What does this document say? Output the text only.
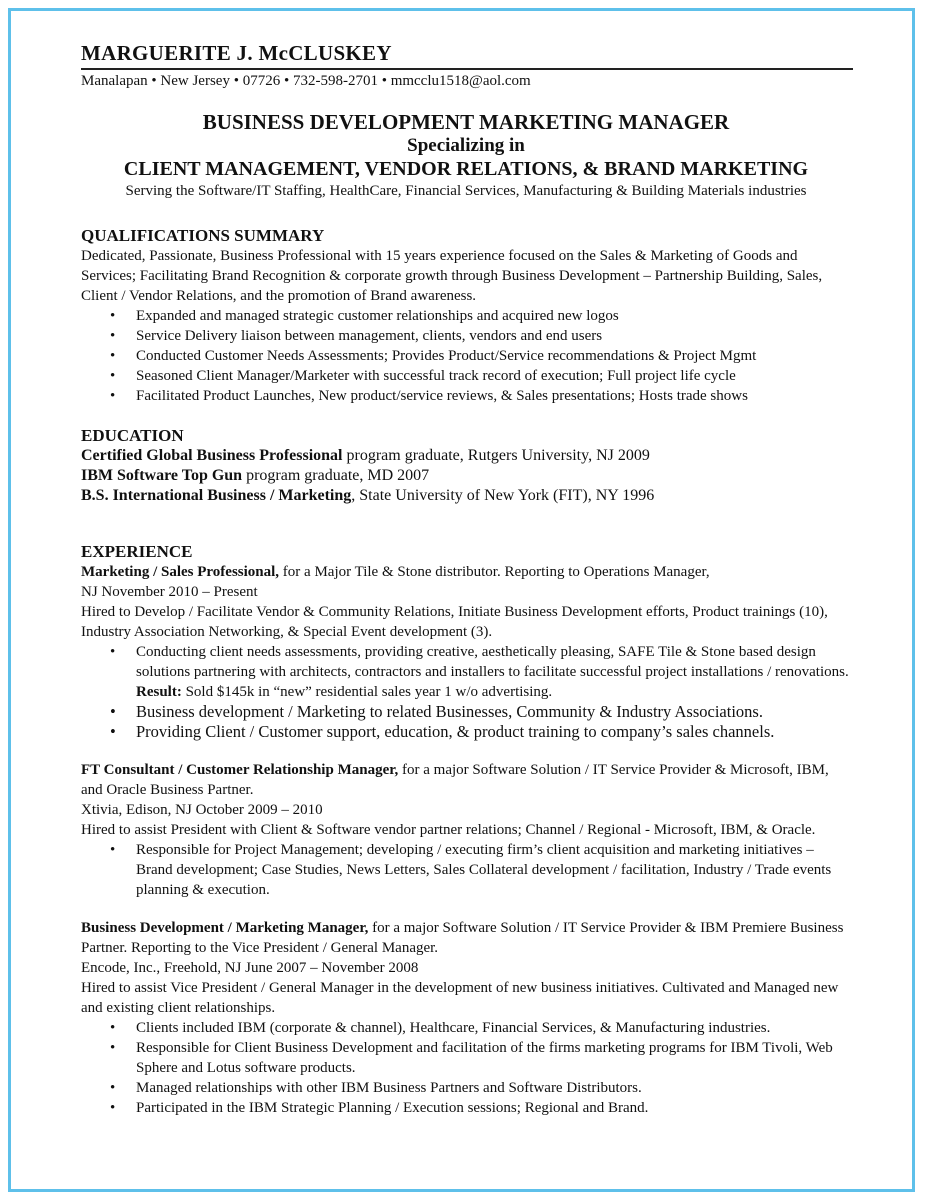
MARGUERITE J. McCLUSKEY
Manalapan • New Jersey • 07726 • 732-598-2701 • mmcclu1518@aol.com
BUSINESS DEVELOPMENT MARKETING MANAGER
Specializing in
CLIENT MANAGEMENT, VENDOR RELATIONS, & BRAND MARKETING
Serving the Software/IT Staffing, HealthCare, Financial Services, Manufacturing & Building Materials industries
QUALIFICATIONS SUMMARY
Dedicated, Passionate, Business Professional with 15 years experience focused on the Sales & Marketing of Goods and Services; Facilitating Brand Recognition & corporate growth through Business Development – Partnership Building, Sales, Client / Vendor Relations, and the promotion of Brand awareness.
• Expanded and managed strategic customer relationships and acquired new logos
• Service Delivery liaison between management, clients, vendors and end users
• Conducted Customer Needs Assessments; Provides Product/Service recommendations & Project Mgmt
• Seasoned Client Manager/Marketer with successful track record of execution; Full project life cycle
• Facilitated Product Launches, New product/service reviews, & Sales presentations; Hosts trade shows
EDUCATION
Certified Global Business Professional program graduate, Rutgers University, NJ 2009
IBM Software Top Gun program graduate, MD 2007
B.S. International Business / Marketing, State University of New York (FIT), NY 1996
EXPERIENCE
Marketing / Sales Professional, for a Major Tile & Stone distributor. Reporting to Operations Manager,
NJ November 2010 – Present
Hired to Develop / Facilitate Vendor & Community Relations, Initiate Business Development efforts, Product trainings (10), Industry Association Networking, & Special Event development (3).
• Conducting client needs assessments, providing creative, aesthetically pleasing, SAFE Tile & Stone based design solutions partnering with architects, contractors and installers to facilitate successful project installations / renovations. Result: Sold $145k in “new” residential sales year 1 w/o advertising.
• Business development / Marketing to related Businesses, Community & Industry Associations.
• Providing Client / Customer support, education, & product training to company’s sales channels.
FT Consultant / Customer Relationship Manager, for a major Software Solution / IT Service Provider & Microsoft, IBM, and Oracle Business Partner.
Xtivia, Edison, NJ October 2009 – 2010
Hired to assist President with Client & Software vendor partner relations; Channel / Regional - Microsoft, IBM, & Oracle.
• Responsible for Project Management; developing / executing firm’s client acquisition and marketing initiatives – Brand development; Case Studies, News Letters, Sales Collateral development / facilitation, Industry / Trade events planning & execution.
Business Development / Marketing Manager, for a major Software Solution / IT Service Provider & IBM Premiere Business Partner. Reporting to the Vice President / General Manager.
Encode, Inc., Freehold, NJ June 2007 – November 2008
Hired to assist Vice President / General Manager in the development of new business initiatives. Cultivated and Managed new and existing client relationships.
• Clients included IBM (corporate & channel), Healthcare, Financial Services, & Manufacturing industries.
• Responsible for Client Business Development and facilitation of the firms marketing programs for IBM Tivoli, Web Sphere and Lotus software products.
• Managed relationships with other IBM Business Partners and Software Distributors.
• Participated in the IBM Strategic Planning / Execution sessions; Regional and Brand.
